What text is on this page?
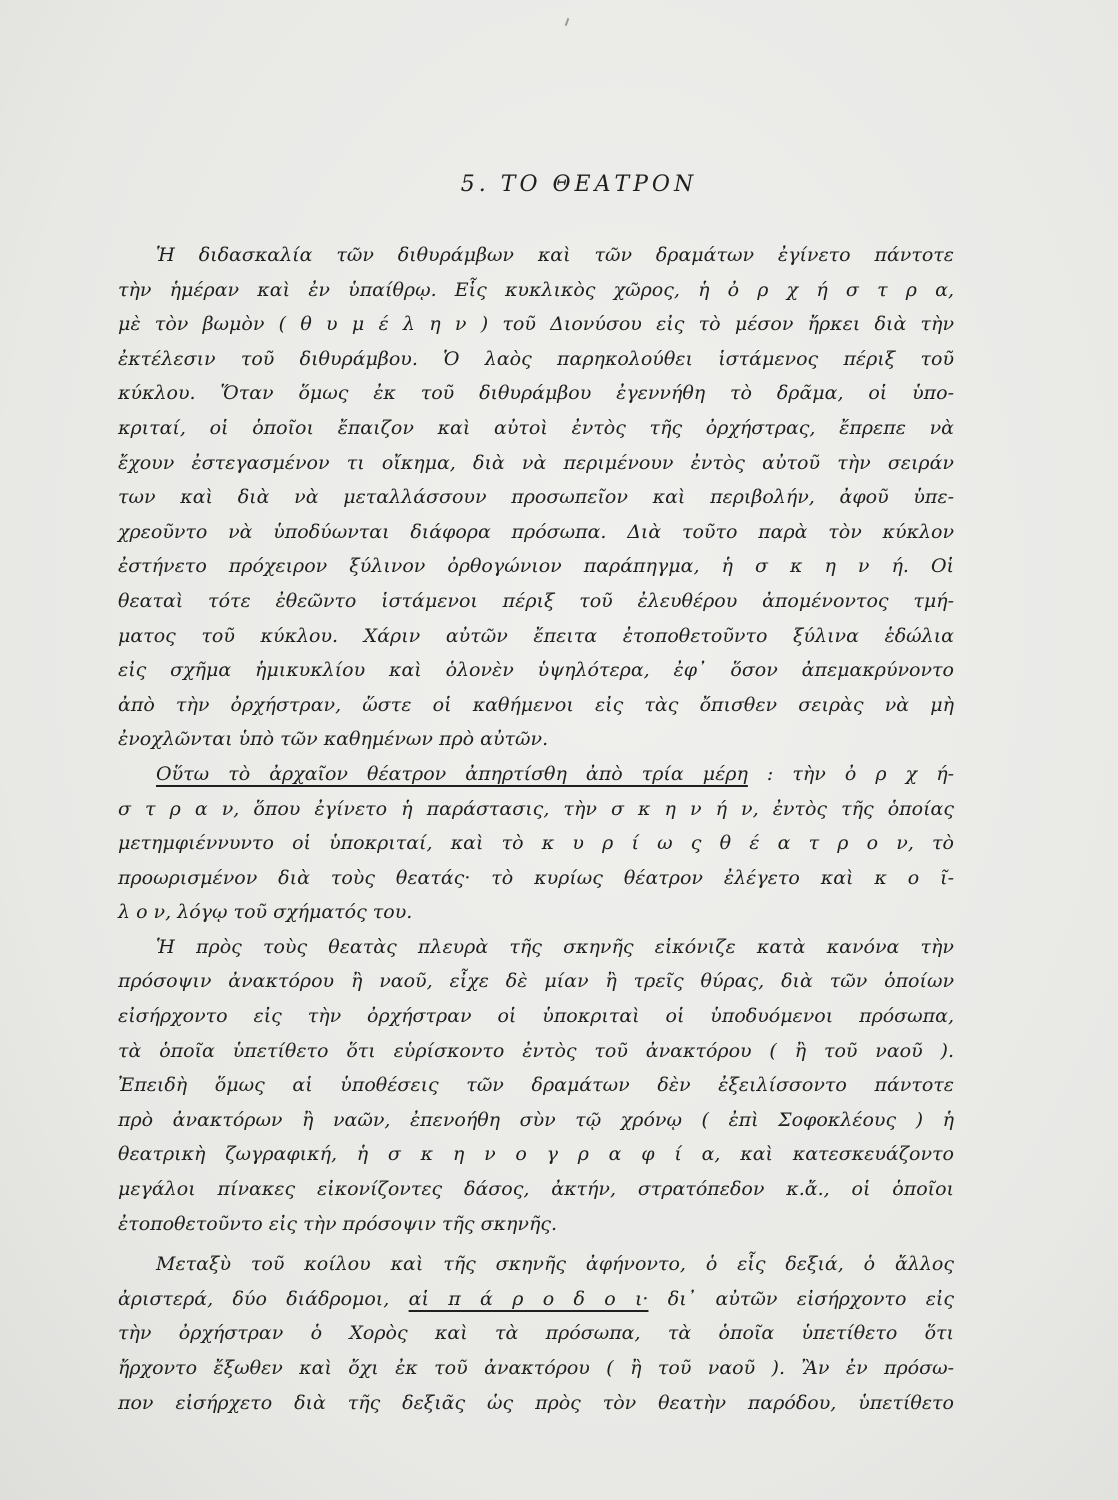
5. ΤΟ ΘΕΑΤΡΟΝ
Ἡ διδασκαλία τῶν διθυράμβων καὶ τῶν δραμάτων ἐγίνετο πάντοτε
τὴν ἡμέραν καὶ ἐν ὑπαίθρῳ. Εἷς κυκλικὸς χῶρος, ἡ ὀ ρ χ ή σ τ ρ α,
μὲ τὸν βωμὸν ( θ υ μ έ λ η ν ) τοῦ Διονύσου εἰς τὸ μέσον ἤρκει διὰ τὴν
ἐκτέλεσιν τοῦ διθυράμβου. Ὁ λαὸς παρηκολούθει ἱστάμενος πέριξ τοῦ
κύκλου. Ὅταν ὅμως ἐκ τοῦ διθυράμβου ἐγεννήθη τὸ δρᾶμα, οἱ ὑπο-
κριταί, οἱ ὁποῖοι ἔπαιζον καὶ αὐτοὶ ἐντὸς τῆς ὀρχήστρας, ἔπρεπε νὰ
ἔχουν ἐστεγασμένον τι οἴκημα, διὰ νὰ περιμένουν ἐντὸς αὐτοῦ τὴν σειράν
των καὶ διὰ νὰ μεταλλάσσουν προσωπεῖον καὶ περιβολήν, ἀφοῦ ὑπε-
χρεοῦντο νὰ ὑποδύωνται διάφορα πρόσωπα. Διὰ τοῦτο παρὰ τὸν κύκλον
ἐστήνετο πρόχειρον ξύλινον ὀρθογώνιον παράπηγμα, ἡ σ κ η ν ή. Οἱ
θεαταὶ τότε ἐθεῶντο ἱστάμενοι πέριξ τοῦ ἐλευθέρου ἀπομένοντος τμή-
ματος τοῦ κύκλου. Χάριν αὐτῶν ἔπειτα ἐτοποθετοῦντο ξύλινα ἑδώλια
εἰς σχῆμα ἡμικυκλίου καὶ ὁλονὲν ὑψηλότερα, ἐφ᾽ ὅσον ἀπεμακρύνοντο
ἀπὸ τὴν ὀρχήστραν, ὥστε οἱ καθήμενοι εἰς τὰς ὄπισθεν σειρὰς νὰ μὴ
ἐνοχλῶνται ὑπὸ τῶν καθημένων πρὸ αὐτῶν.
Οὕτω τὸ ἀρχαῖον θέατρον ἀπηρτίσθη ἀπὸ τρία μέρη : τὴν ὀ ρ χ ή-
σ τ ρ α ν, ὅπου ἐγίνετο ἡ παράστασις, τὴν σ κ η ν ή ν, ἐντὸς τῆς ὁποίας
μετημφιέννυντο οἱ ὑποκριταί, καὶ τὸ κ υ ρ ί ω ς θ έ α τ ρ ο ν, τὸ
προωρισμένον διὰ τοὺς θεατάς· τὸ κυρίως θέατρον ἐλέγετο καὶ κ ο ῖ-
λ ο ν, λόγῳ τοῦ σχήματός του.
Ἡ πρὸς τοὺς θεατὰς πλευρὰ τῆς σκηνῆς εἰκόνιζε κατὰ κανόνα τὴν
πρόσοψιν ἀνακτόρου ἢ ναοῦ, εἶχε δὲ μίαν ἢ τρεῖς θύρας, διὰ τῶν ὁποίων
εἰσήρχοντο εἰς τὴν ὀρχήστραν οἱ ὑποκριταὶ οἱ ὑποδυόμενοι πρόσωπα,
τὰ ὁποῖα ὑπετίθετο ὅτι εὑρίσκοντο ἐντὸς τοῦ ἀνακτόρου ( ἢ τοῦ ναοῦ ).
Ἐπειδὴ ὅμως αἱ ὑποθέσεις τῶν δραμάτων δὲν ἐξειλίσσοντο πάντοτε
πρὸ ἀνακτόρων ἢ ναῶν, ἐπενοήθη σὺν τῷ χρόνῳ ( ἐπὶ Σοφοκλέους ) ἡ
θεατρικὴ ζωγραφική, ἡ σ κ η ν ο γ ρ α φ ί α, καὶ κατεσκευάζοντο
μεγάλοι πίνακες εἰκονίζοντες δάσος, ἀκτήν, στρατόπεδον κ.ἄ., οἱ ὁποῖοι
ἐτοποθετοῦντο εἰς τὴν πρόσοψιν τῆς σκηνῆς.
Μεταξὺ τοῦ κοίλου καὶ τῆς σκηνῆς ἀφήνοντο, ὁ εἷς δεξιά, ὁ ἄλλος
ἀριστερά, δύο διάδρομοι, αἱ π ά ρ ο δ ο ι· δι᾽ αὐτῶν εἰσήρχοντο εἰς
τὴν ὀρχήστραν ὁ Χορὸς καὶ τὰ πρόσωπα, τὰ ὁποῖα ὑπετίθετο ὅτι
ἤρχοντο ἔξωθεν καὶ ὄχι ἐκ τοῦ ἀνακτόρου ( ἢ τοῦ ναοῦ ). Ἂν ἐν πρόσω-
πον εἰσήρχετο διὰ τῆς δεξιᾶς ὡς πρὸς τὸν θεατὴν παρόδου, ὑπετίθετο
